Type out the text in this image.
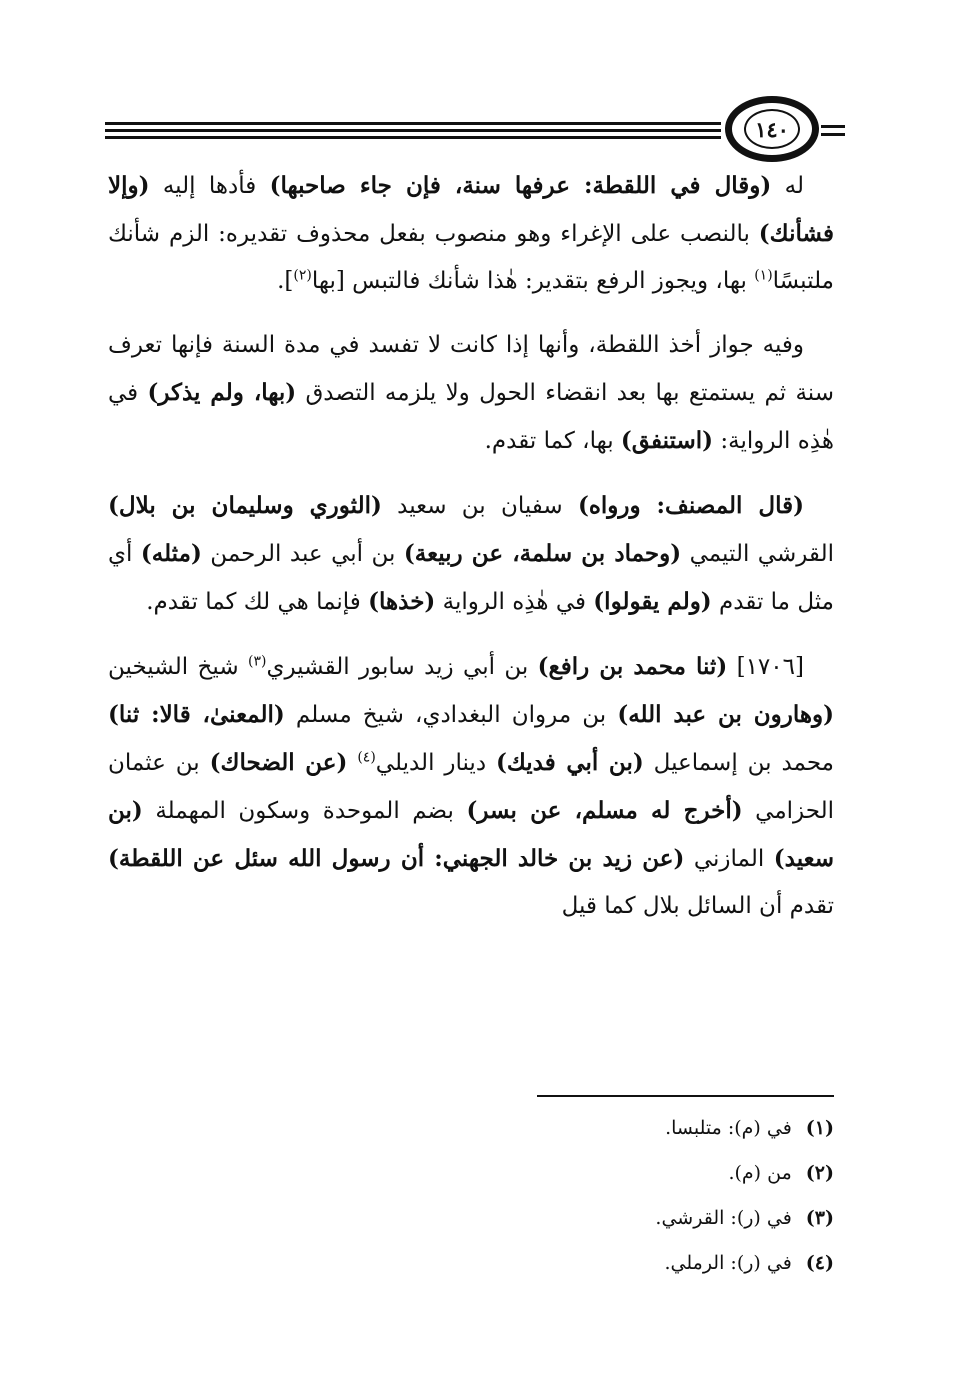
١٤٠

له (وقال في اللقطة: عرفها سنة، فإن جاء صاحبها) فأدها إليه (وإلا فشأنك) بالنصب على الإغراء وهو منصوب بفعل محذوف تقديره: الزم شأنك ملتبسًا$^{(١)}$ بها، ويجوز الرفع بتقدير: هٰذا شأنك فالتبس [بها$^{(٢)}$].

وفيه جواز أخذ اللقطة، وأنها إذا كانت لا تفسد في مدة السنة فإنها تعرف سنة ثم يستمتع بها بعد انقضاء الحول ولا يلزمه التصدق (بها، ولم يذكر) في هٰذِه الرواية: (استنفق) بها، كما تقدم.

(قال المصنف: ورواه) سفيان بن سعيد (الثوري وسليمان بن بلال) القرشي التيمي (وحماد بن سلمة، عن ربيعة) بن أبي عبد الرحمن (مثله) أي مثل ما تقدم (ولم يقولوا) في هٰذِه الرواية (خذها) فإنما هي لك كما تقدم.

[١٧٠٦] (ثنا محمد بن رافع) بن أبي زيد سابور القشيري$^{(٣)}$ شيخ الشيخين (وهارون بن عبد الله) بن مروان البغدادي، شيخ مسلم (المعنىٰ، قالا: ثنا) محمد بن إسماعيل (بن أبي فديك) دينار الديلي$^{(٤)}$ (عن الضحاك) بن عثمان الحزامي (أخرج له مسلم، عن بسر) بضم الموحدة وسكون المهملة (بن سعيد) المازني (عن زيد بن خالد الجهني: أن رسول الله سئل عن اللقطة) تقدم أن السائل بلال كما قيل

(١)
في (م): متلبسا.
(٢)
من (م).
(٣)
في (ر): القرشي.
(٤)
في (ر): الرملي.
